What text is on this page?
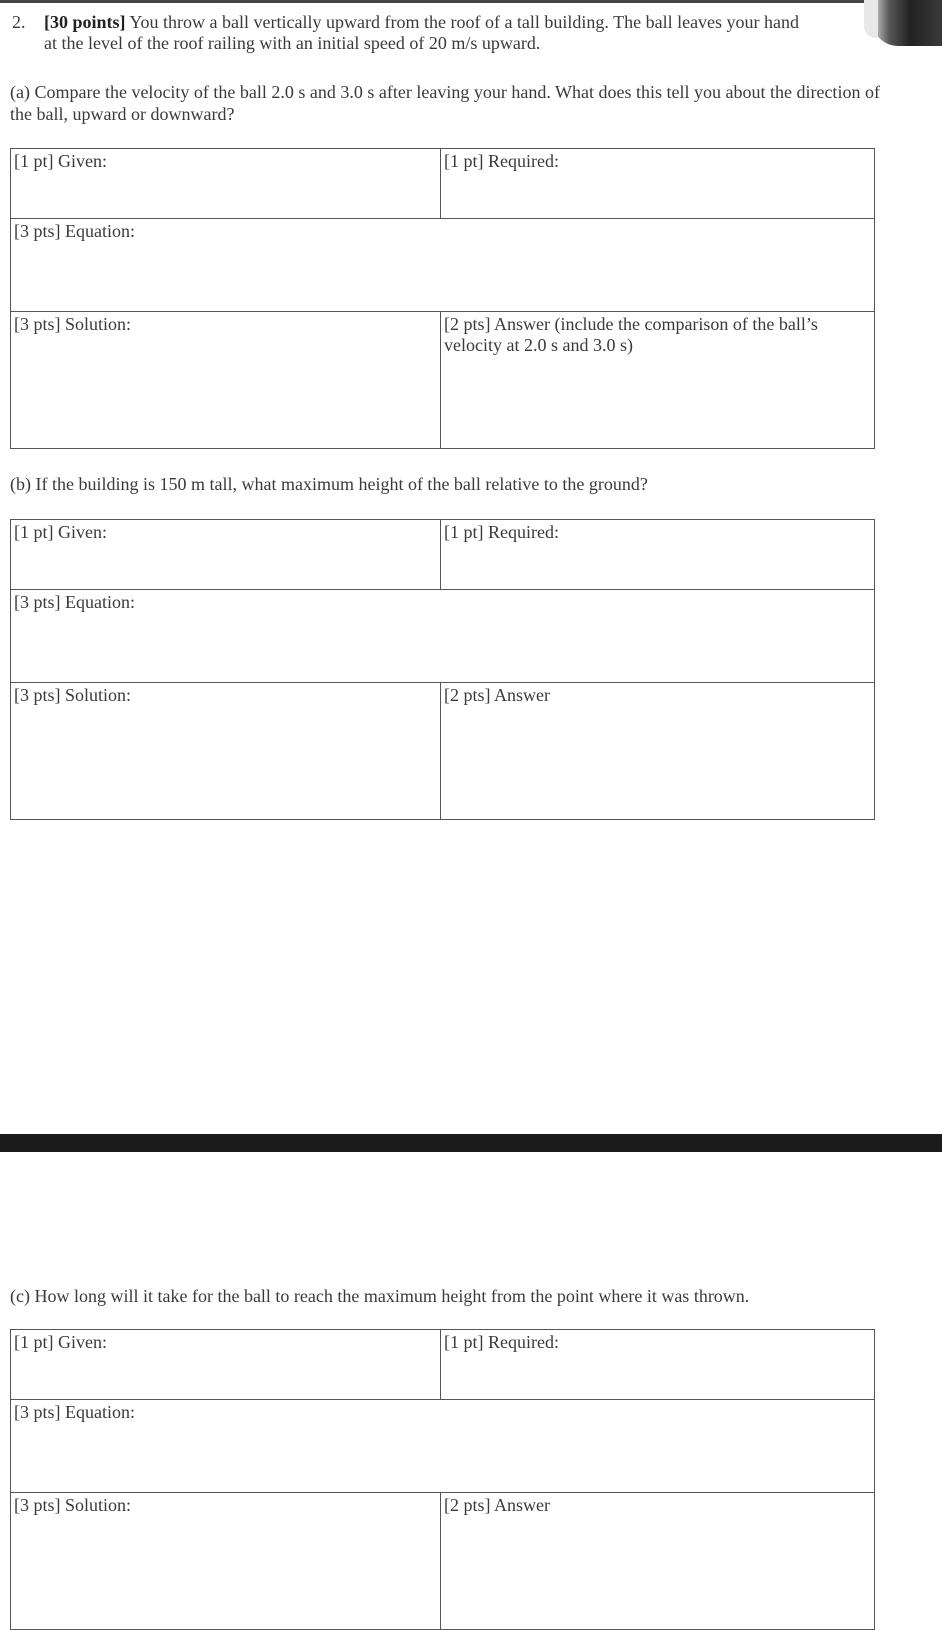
2. [30 points] You throw a ball vertically upward from the roof of a tall building. The ball leaves your hand
at the level of the roof railing with an initial speed of 20 m/s upward.
(a) Compare the velocity of the ball 2.0 s and 3.0 s after leaving your hand. What does this tell you about the direction of the ball, upward or downward?
[1 pt] Given:	[1 pt] Required:
[3 pts] Equation:	
[3 pts] Solution:	[2 pts] Answer (include the comparison of the ball’s velocity at 2.0 s and 3.0 s)
(b) If the building is 150 m tall, what maximum height of the ball relative to the ground?
[1 pt] Given:	[1 pt] Required:
[3 pts] Equation:	
[3 pts] Solution:	[2 pts] Answer
(c) How long will it take for the ball to reach the maximum height from the point where it was thrown.
[1 pt] Given:	[1 pt] Required:
[3 pts] Equation:	
[3 pts] Solution:	[2 pts] Answer
